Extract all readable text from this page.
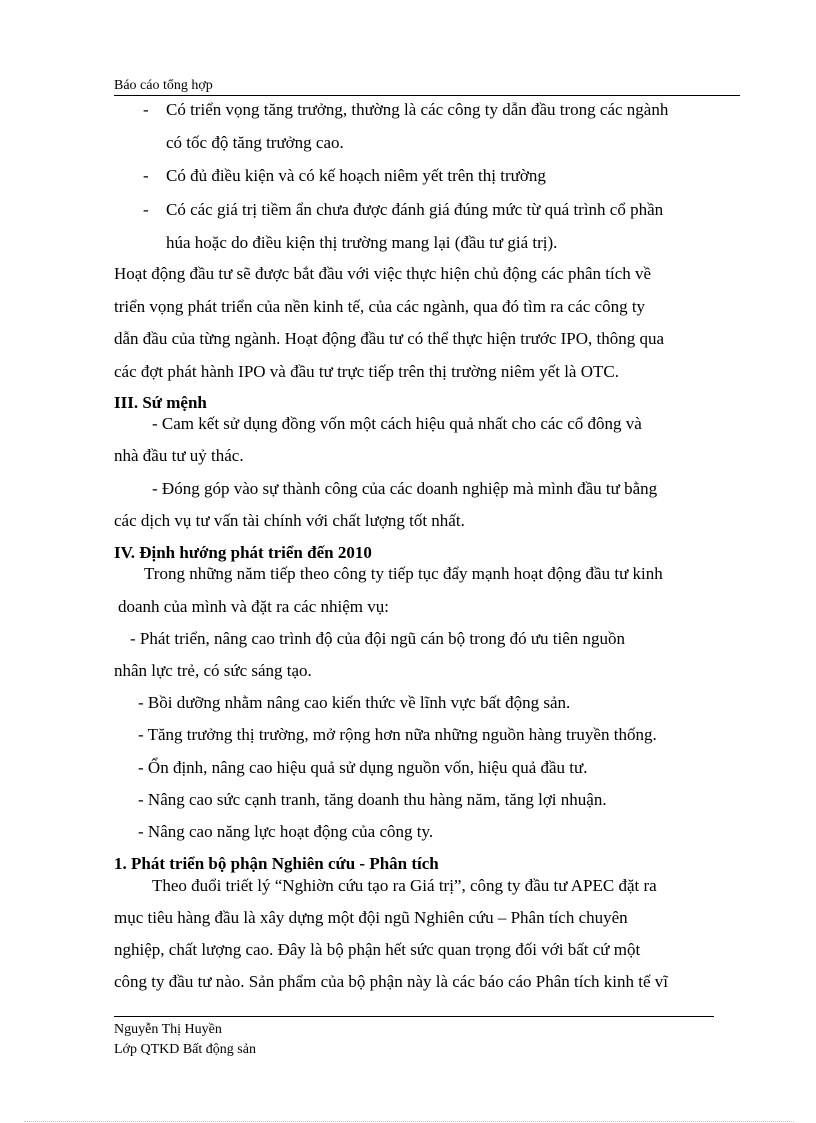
Báo cáo tổng hợp
- Có triển vọng tăng trưởng, thường là các công ty dẫn đầu trong các ngành
có tốc độ tăng trưởng cao.
- Có đủ điều kiện và có kế hoạch niêm yết trên thị trường
- Có các giá trị tiềm ẩn chưa được đánh giá đúng mức từ quá trình cổ phần
húa hoặc do điều kiện thị trường mang lại (đầu tư giá trị).
Hoạt động đầu tư sẽ được bắt đầu với việc thực hiện chủ động các phân tích về
triển vọng phát triển của nền kinh tế, của các ngành, qua đó tìm ra các công ty
dẫn đầu của từng ngành. Hoạt động đầu tư có thể thực hiện trước IPO, thông qua
các đợt phát hành IPO và đầu tư trực tiếp trên thị trường niêm yết là OTC.
III. Sứ mệnh
- Cam kết sử dụng đồng vốn một cách hiệu quả nhất cho các cổ đông và
nhà đầu tư uỷ thác.
- Đóng góp vào sự thành công của các doanh nghiệp mà mình đầu tư bằng
các dịch vụ tư vấn tài chính với chất lượng tốt nhất.
IV. Định hướng phát triển đến 2010
Trong những năm tiếp theo công ty tiếp tục đẩy mạnh hoạt động đầu tư kinh
doanh của mình và đặt ra các nhiệm vụ:
- Phát triển, nâng cao trình độ của đội ngũ cán bộ trong đó ưu tiên nguồn
nhân lực trẻ, có sức sáng tạo.
- Bồi dưỡng nhằm nâng cao kiến thức về lĩnh vực bất động sản.
- Tăng trưởng thị trường, mở rộng hơn nữa những nguồn hàng truyền thống.
- Ổn định, nâng cao hiệu quả sử dụng nguồn vốn, hiệu quả đầu tư.
- Nâng cao sức cạnh tranh, tăng doanh thu hàng năm, tăng lợi nhuận.
- Nâng cao năng lực hoạt động của công ty.
1. Phát triển bộ phận Nghiên cứu - Phân tích
Theo đuổi triết lý “Nghiờn cứu tạo ra Giá trị”, công ty đầu tư APEC đặt ra
mục tiêu hàng đầu là xây dựng một đội ngũ Nghiên cứu – Phân tích chuyên
nghiệp, chất lượng cao. Đây là bộ phận hết sức quan trọng đối với bất cứ một
công ty đầu tư nào. Sản phẩm của bộ phận này là các báo cáo Phân tích kinh tế vĩ
Nguyễn Thị Huyền
Lớp QTKD Bất động sản
